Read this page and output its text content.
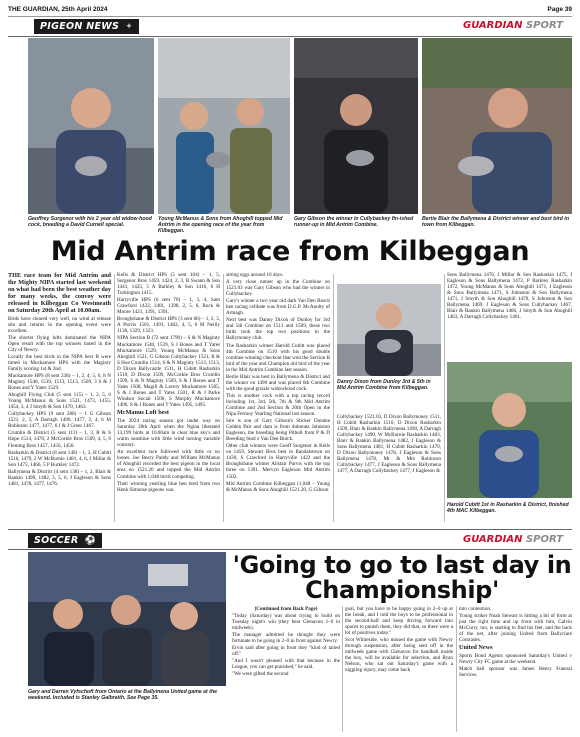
THE GUARDIAN, 25th April 2024	Page 39
PIGEON NEWS ✦	GUARDIAN SPORT
Geoffrey Surgenor with his 2 year old widow-hood cock, breeding a David Curnell special.
Young McManus & Sons from Ahoghill topped Mid Antrim in the opening race of the year from Kilbeggan.
Gary Gibson the winner in Cullybackey fin-ished runner-up in Mid Antrim Combine.
Bertie Blair the Ballymena & District winner and best bird in town from Kilbeggan.
Mid Antrim race from Kilbeggan

THE race team for Mid Antrim and the Mighty NIPA started last weekend on what had been the best weather day for many weeks, the convoy were released in Kilbeggan Co Westmeath on Saturday 20th April at 10.00am.

Birds have cleared very well, no wind at release site and returns in the opening event were excellent.

The shorter flying lofts dominated the NIPA Open result with the top winners based in the City of Newry.

Locally the best birds in the NIPA Sect B were timed in Muckamore HPS with the Maginty Family scoring 1st & 2nd.

Muckamore HPS (8 sent 238) – 1, 2, 4, 5, 6, 8 N Maginty 1540, 1539, 1513, 1513, 1509, 3 S & J Bones and Y Yates 1529.

Ahoghill Flying Club (5 sent 115) – 1, 2, 5, 6 Young McManus & Sons 1521, 1473, 1455, 1454, 3, 4 J Smyth & Son 1470, 1463.

Cullybackey HPS (9 sent 280) – 1 G Gibson 1521, 2, 5, A Darragh 1490, 1477, 3, 4, 6 M Robinson 1477, 1477, 6 J & J Greer 1467.

Crumlin & District (5 sent 111) – 1, 3, R & S Hope 1514, 1470, 2 McCorkle Bros 1509, 4, 5, 6 Fleming Bros 1457, 1456, 1456.

Rasharkin & District (8 sent 140) – 1, 3, H Cubitt 1516, 1479, 2 W McBurnie 1481, 4, 6, J Millar & Son 1475, 1466, 5 P Burkley 1472.

Ballymena & District (4 sent 138) – 1, 2, Blair & Rankin 1490, 1482, 3, 5, 6, J Eagleson & Sons 1481, 1478, 1477, 1476.

Kells & District HPS (5 sent 104) – 1, 5, Surgenor Bros 1459, 1424, 2, 3, B Swann & Son 1441, 1425, 5 A Barkley & Son 1416, 6 H Turkington 1415.

Harryville HPS (6 sent 70) – 1, 3, 4, Sam Crawford 1422, 1401, 1398, 2, 5, 6, Rock & Moore 1421, 1391, 1391.

Broughshane & District HPS (3 sent 66) – 1, 2, 3, A Purvis 1501, 1493, 1482, 4, 5, 6 M Neilly 1138, 1329, 1323.

NIPA Section B (72 sent 1790) – S & N Maginty Muckamore 1540, 1539, S J Bones and T Yates Muckamore 1529, Young McManus & Sons Ahoghill 1521, G Gibson Cullybackey 1521, R & S Hoe Crumlin 1514, S & N Maginty 1513, 1513, D Dixon Ballycastle 1511, H Cubitt Rasharkin 1510, D Dixon 1509, McCorkle Bros Crumlin 1509, S & N Maginty 1509, S & J Bones and T Yates 1508, Magill & Lavery Muckamore 1505, S & J Bones and T Yates 1501, R & J Parke Windsor Social 1500, S Murphy Muckamore 1496, S & J Bones and T Yates 1495, 1495.

McManus Loft best

The 2024 racing season got under way on Saturday 20th April when the Ngina liberated 13,199 birds at 10.00am in clear blue sky's and warm sunshine with little wind turning variable contrary.

An excellent race followed with little or no losses. Joe Beery Paddy and William McManus of Ahoghill recorded the best pigeon in the local area on 1521.20 and topped the Mid Antrim Combine with 1,048 birds competing.

Their winning yearling blue hen bred from two Henk Simonse pigeons was

sitting eggs around 10 days.

A very close runner up in the Combine on 1521.03 was Gary Gibson who had the winner in Cullybackey.

Gary's winner a two year old dark Van Den Bosch hen racing celibate was from D.G.P. McAnulty of Armagh.

Next best was Danny Dixon of Dunloy for 3rd and 5th Combine on 1511 and 1509, these two birds took the top two positions in the Ballymoney club.

The Rasharkin winner Harold Cubitt was placed 4th Combine on 1510 with his good double combine winning checkout that won the Section B bird of the year and Champion old bird of the year in the Mid Antrim Combine last season.

Bertie Blair was best in Ballymena & District and the winner on 1490 and was placed 6th Combine with the good grizzle widowhood cock.

This is another cock with a top racing record including 1st, 3rd, 5th, 7th & 9th Mid Antrim Combine and 2nd Section & 20th Open in the Nipa Fermoy Yearling National last season.

Sire is son of Gary Gibson's Sticker Dundee Golden Pair and dam is from dubreatz Johnston Eagleson, the breeding being Pitbull from P & D Breeding Stud x Van Den Bulck.

Other club winners were Geoff Surgenor in Kells on 1459, Stewart Bros best in Randalstown on 1430, S Crawford in Harryville 1422 and the Broughshane winner Alistair Purvis with the top three on 1391. Mervyn Eagleson Mid Antrim 1502.

Mid Antrim Combine Kilbeggan (1,048 – Young & McManus & Sons Ahoghill 1521.20, G Gibson

Danny Dixon from Dunloy 3rd & 5th in Mid Antrim Combine from Kilbeggan.

Cullybackey 1521.03, D Dixon Ballymoney 1511, H Cubitt Rasharkin 1510, D Dixon Rasharkin 1509, Blair & Rankin Ballymena 1490, A Darragh Cullybackey 1490, W McBurnie Rasharkin 1483, Blair & Rankin Ballymena 1482, J Eagleson & Sons Ballymena 1481, H Cubitt Rasharkin 1479, D Dixon Ballymoney 1478, J Eagleson & Sons Ballymena 1478, Mr & Mrs Robinson Cullybackey 1477, J Eagleson & Sons Ballymena 1477, A Darragh Cullybackey 1477, J Eagleson &

Sons Ballymena 1476, J Millar & Son Rasharkin 1475, J Eagleson & Sons Ballymena 1472, P Barkley Rasharkin 1472, Young McManus & Sons Ahoghill 1471, J Eagleson & Sons Ballymena 1471, S Johnston & Son Ballymena 1471, J Smyth & Son Ahoghill 1470, S Johnston & Son Ballymena 1469, J Eagleson & Sons Cullybackey 1467, Blair & Rankin Ballymena 1466, J Smyth & Son Ahoghill 1463, A Darragh Cullybackey 1461.

Harold Cubitt 1st in Rasharkin & District, finished 4th MAC Kilbeggan.
SOCCER ⚽	GUARDIAN SPORT
Gary and Darren Vyfschoft from Ontario at the Ballymena United game at the weekend. Included is Stanley Galbraith. See Page 35.
'Going to go to last day in Championship'

(Continued from Back Page)

"Today (Saturday) was about trying to build on Tuesday night's win (they beat Glenavon 1–0 in midweek).

The manager admitted he thought they were fortunate to be going in 2–0 in front against Newry.

Ervin said after going in front they "kind of tailed off."

"And I wasn't pleased with that because in the League, you can get punished," he said.

"We were gifted the second

goal, but you have to be happy going in 2–0 up at the break, and I told the boys to be professional in the second-half and keep driving forward into spaces to punish them, they did that, so there were a lot of positives today."

Scot Whiteside, who missed the game with Newry through suspension, after being sent off in the midweek game with Glenavon for handball inside the box, will be available for selection, and Ryan Nelson, who sat out Saturday's game with a niggling injury, may come back

into contention.

Young striker Noah Stewart is hitting a bit of form at just the right time and up front with him, Calvin McCurry, too, is starting to find his feet, and the back of the net, after joining United from Ballyclare Comrades.

United News

Sports Bond Agents sponsored Saturday's United v Newry City FC game at the weekend.

Match ball sponsor was James Henry Funeral Services.
